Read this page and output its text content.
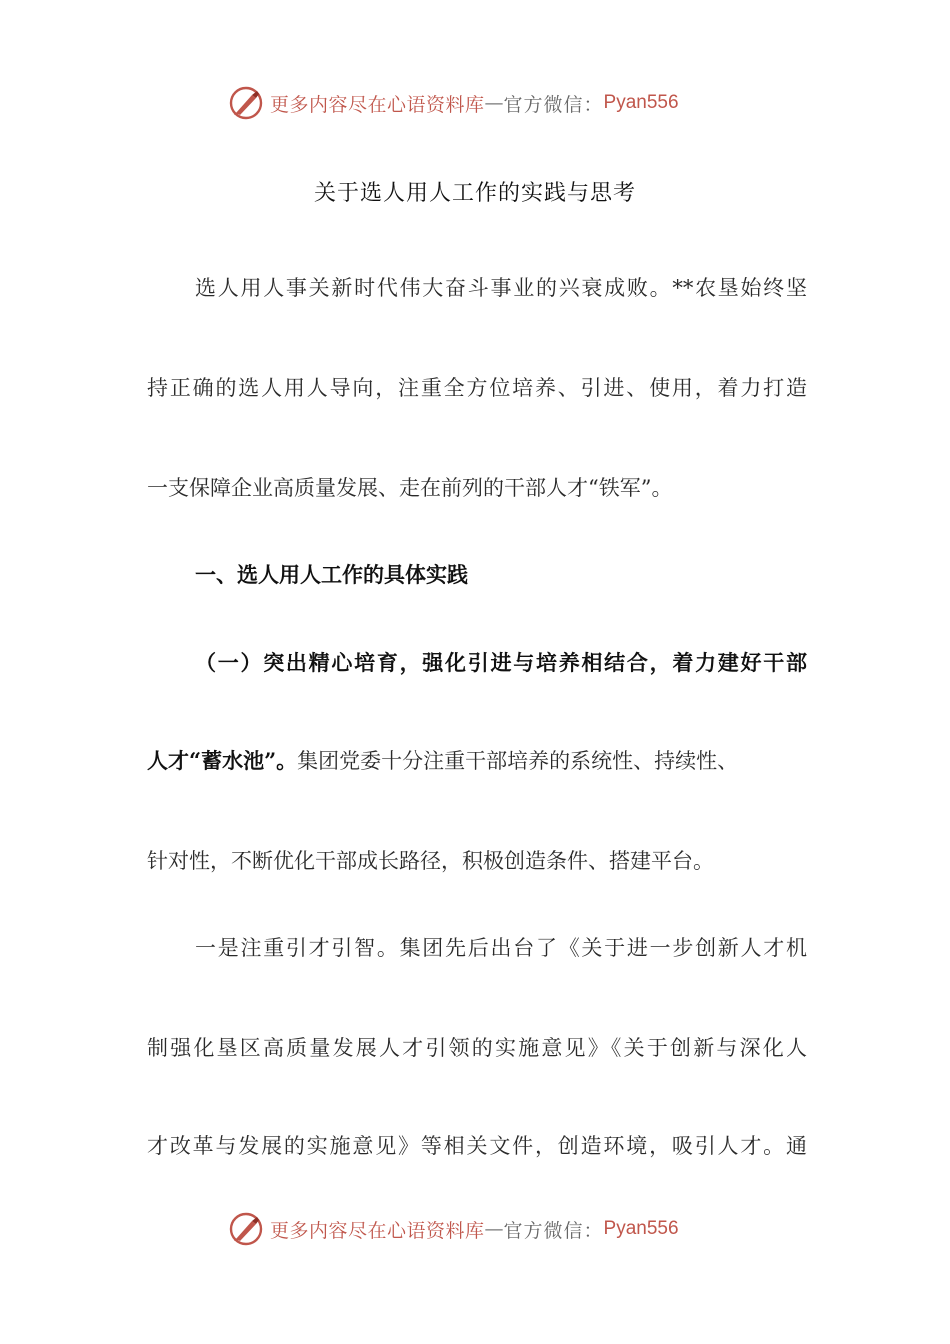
更多内容尽在心语资料库 — 官方微信： Pyan556
关于选人用人工作的实践与思考
选人用人事关新时代伟大奋斗事业的兴衰成败。**农垦始终坚
持正确的选人用人导向，注重全方位培养、引进、使用，着力打造
一支保障企业高质量发展、走在前列的干部人才“铁军”。
一、选人用人工作的具体实践
（一）突出精心培育，强化引进与培养相结合，着力建好干部
人才“蓄水池”。集团党委十分注重干部培养的系统性、持续性、
针对性，不断优化干部成长路径，积极创造条件、搭建平台。
一是注重引才引智。集团先后出台了《关于进一步创新人才机
制强化垦区高质量发展人才引领的实施意见》《关于创新与深化人
才改革与发展的实施意见》等相关文件，创造环境，吸引人才。通
更多内容尽在心语资料库 — 官方微信： Pyan556
